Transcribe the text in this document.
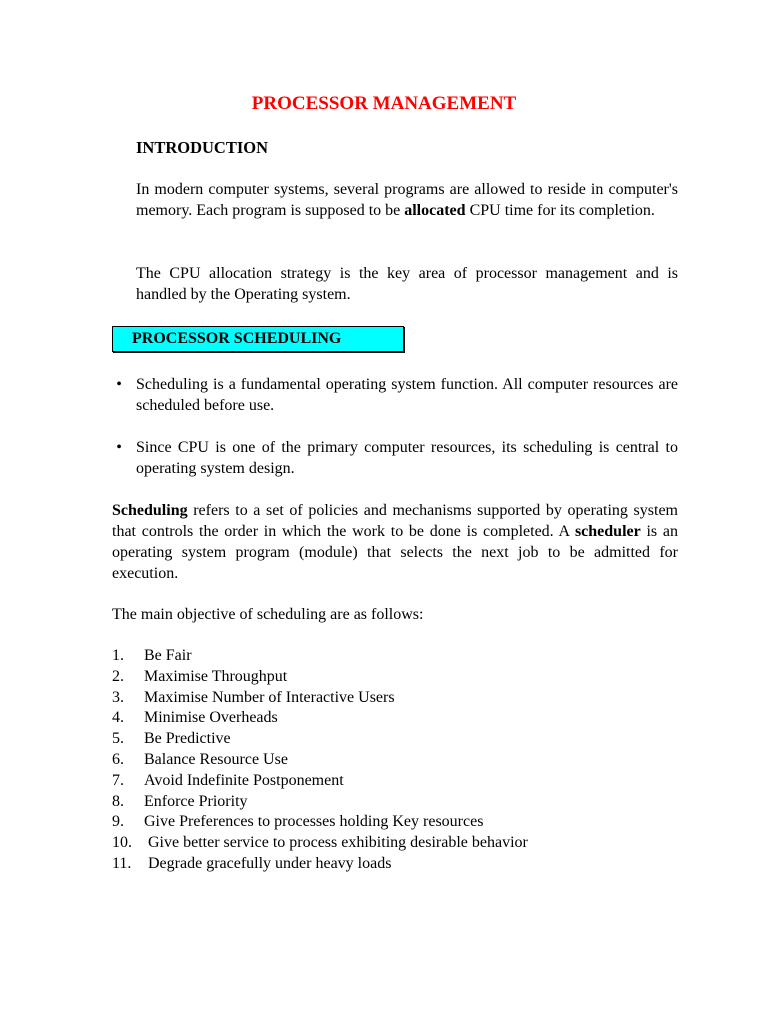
PROCESSOR MANAGEMENT
INTRODUCTION

In modern computer systems, several programs are allowed to reside in computer's memory. Each program is supposed to be allocated CPU time for its completion.

The CPU allocation strategy is the key area of processor management and is handled by the Operating system.

PROCESSOR SCHEDULING
• Scheduling is a fundamental operating system function. All computer resources are scheduled before use.
• Since CPU is one of the primary computer resources, its scheduling is central to operating system design.

Scheduling refers to a set of policies and mechanisms supported by operating system that controls the order in which the work to be done is completed. A scheduler is an operating system program (module) that selects the next job to be admitted for execution.

The main objective of scheduling are as follows:

1. Be Fair
2. Maximise Throughput
3. Maximise Number of Interactive Users
4. Minimise Overheads
5. Be Predictive
6. Balance Resource Use
7. Avoid Indefinite Postponement
8. Enforce Priority
9. Give Preferences to processes holding Key resources
10. Give better service to process exhibiting desirable behavior
11. Degrade gracefully under heavy loads
